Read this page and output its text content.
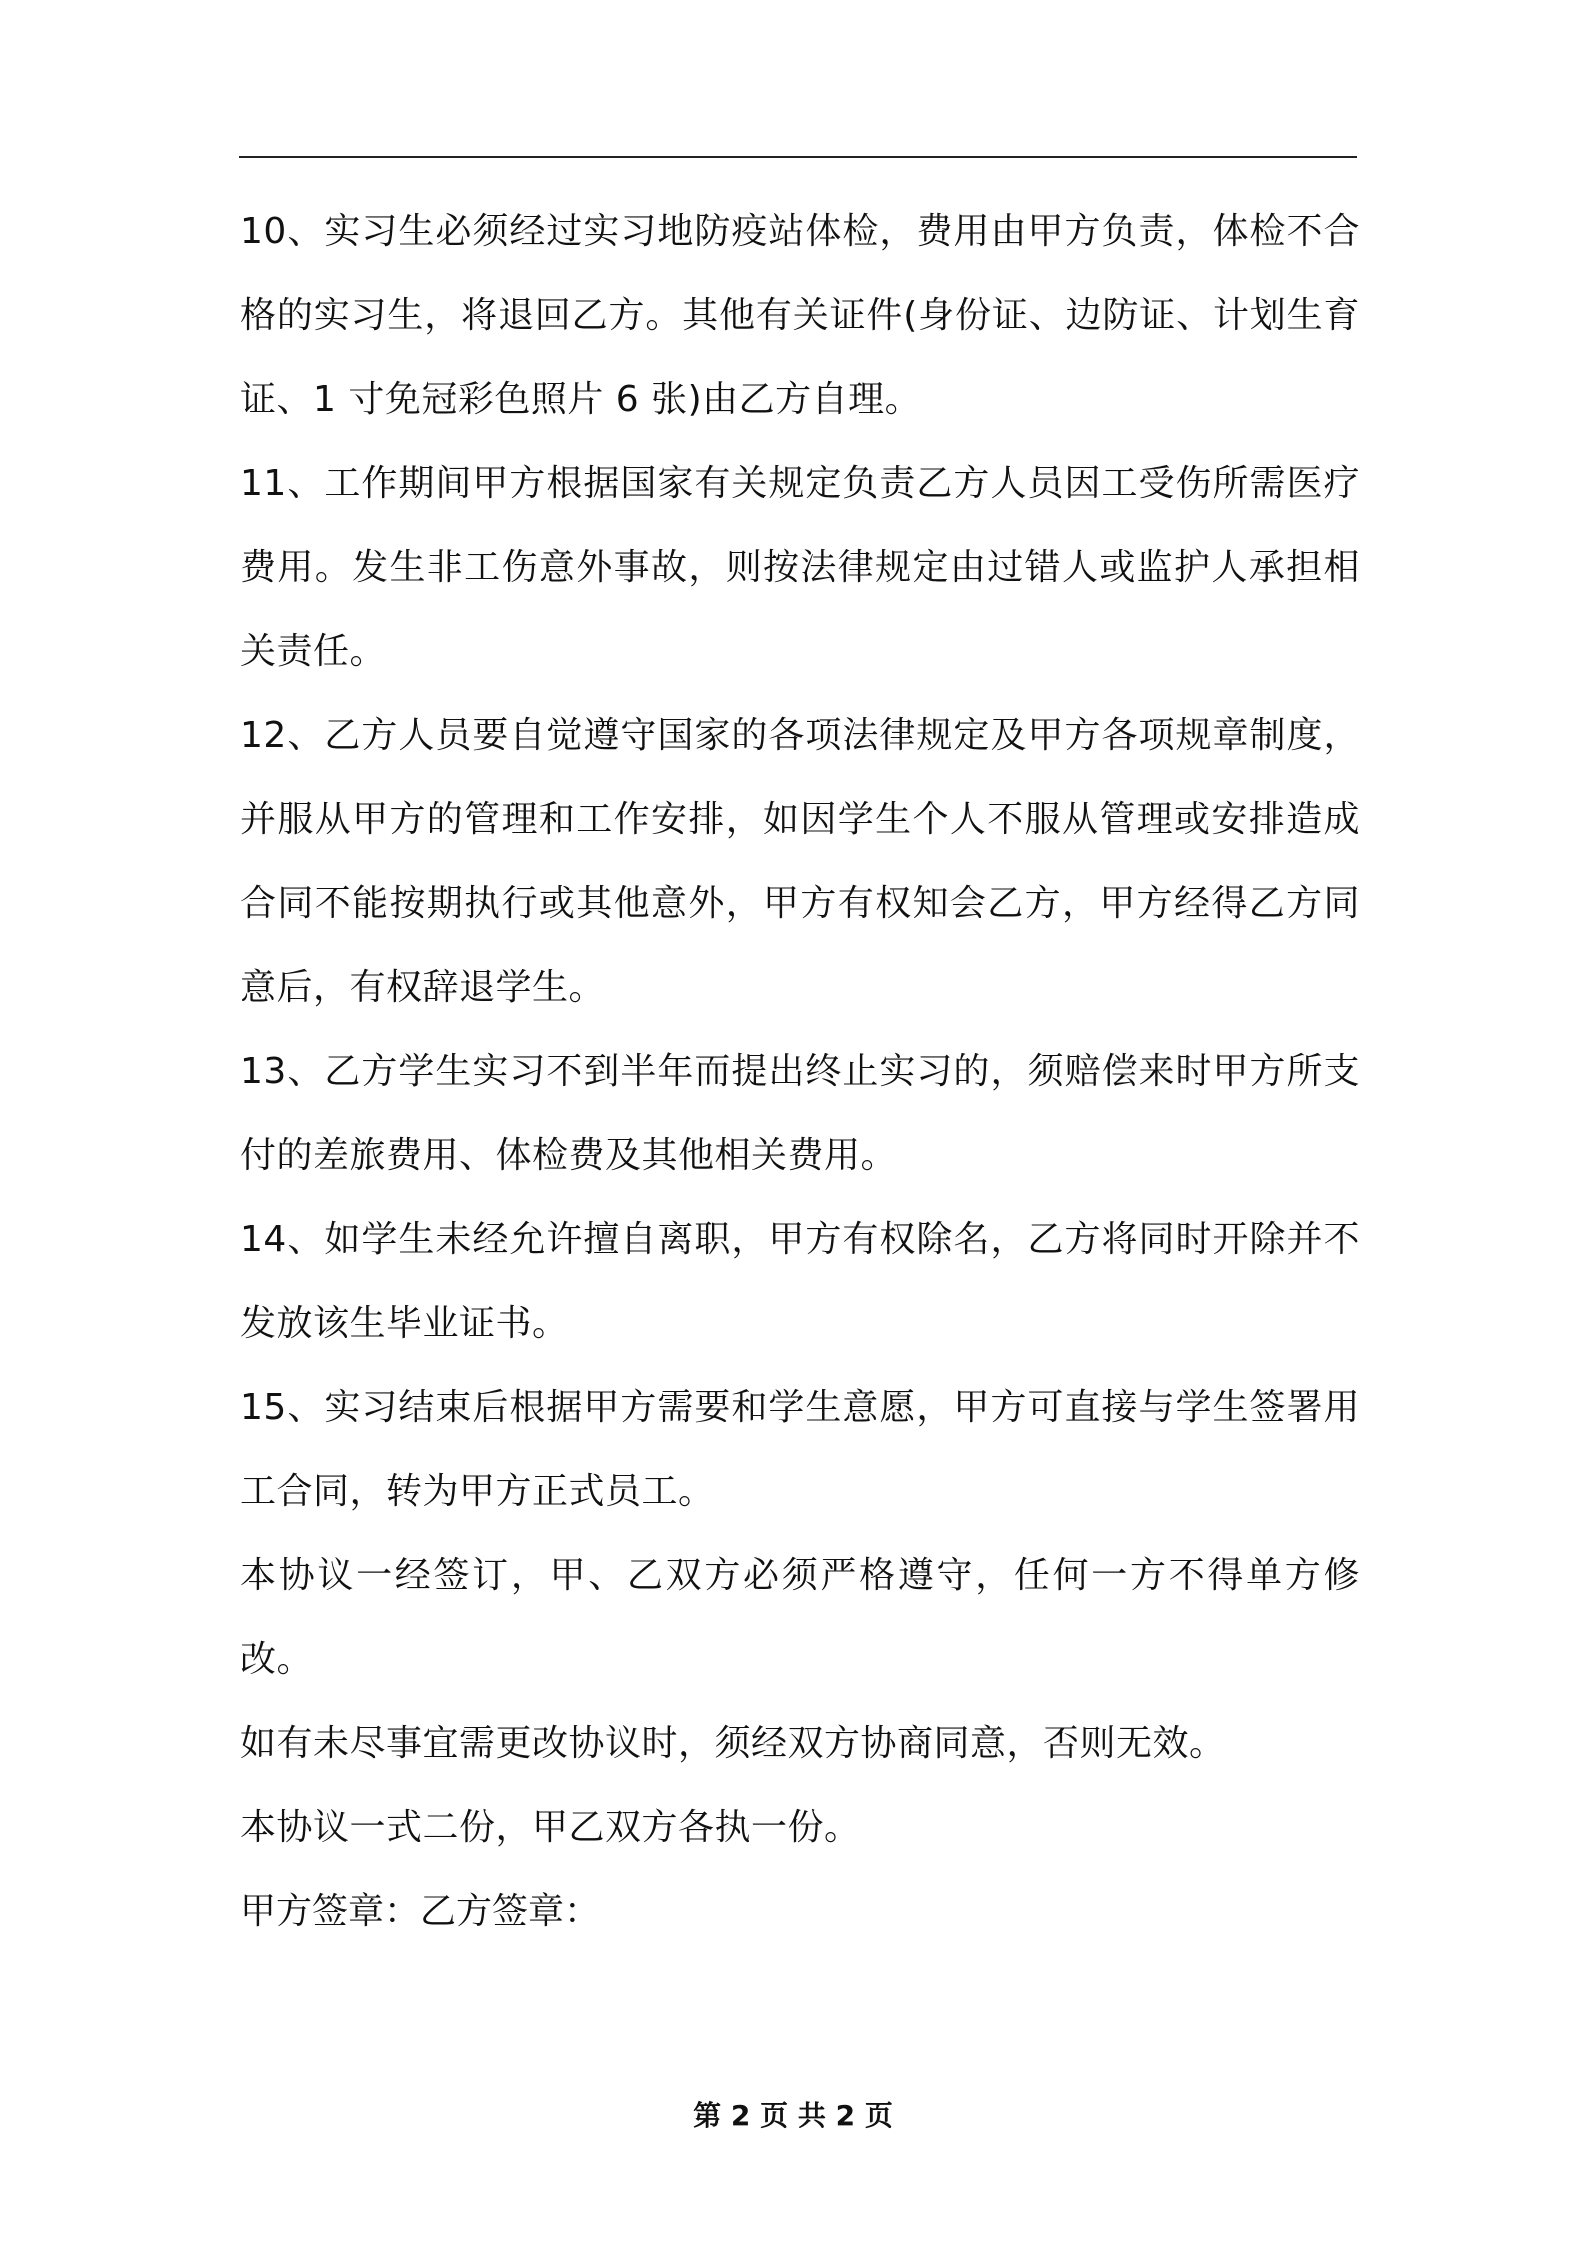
10、实习生必须经过实习地防疫站体检，费用由甲方负责，体检不合格的实习生，将退回乙方。其他有关证件(身份证、边防证、计划生育证、1 寸免冠彩色照片 6 张)由乙方自理。

11、工作期间甲方根据国家有关规定负责乙方人员因工受伤所需医疗费用。发生非工伤意外事故，则按法律规定由过错人或监护人承担相关责任。

12、乙方人员要自觉遵守国家的各项法律规定及甲方各项规章制度，并服从甲方的管理和工作安排，如因学生个人不服从管理或安排造成合同不能按期执行或其他意外，甲方有权知会乙方，甲方经得乙方同意后，有权辞退学生。

13、乙方学生实习不到半年而提出终止实习的，须赔偿来时甲方所支付的差旅费用、体检费及其他相关费用。

14、如学生未经允许擅自离职，甲方有权除名，乙方将同时开除并不发放该生毕业证书。

15、实习结束后根据甲方需要和学生意愿，甲方可直接与学生签署用工合同，转为甲方正式员工。

本协议一经签订，甲、乙双方必须严格遵守，任何一方不得单方修改。

如有未尽事宜需更改协议时，须经双方协商同意，否则无效。

本协议一式二份，甲乙双方各执一份。

甲方签章：乙方签章：

第 2 页 共 2 页
